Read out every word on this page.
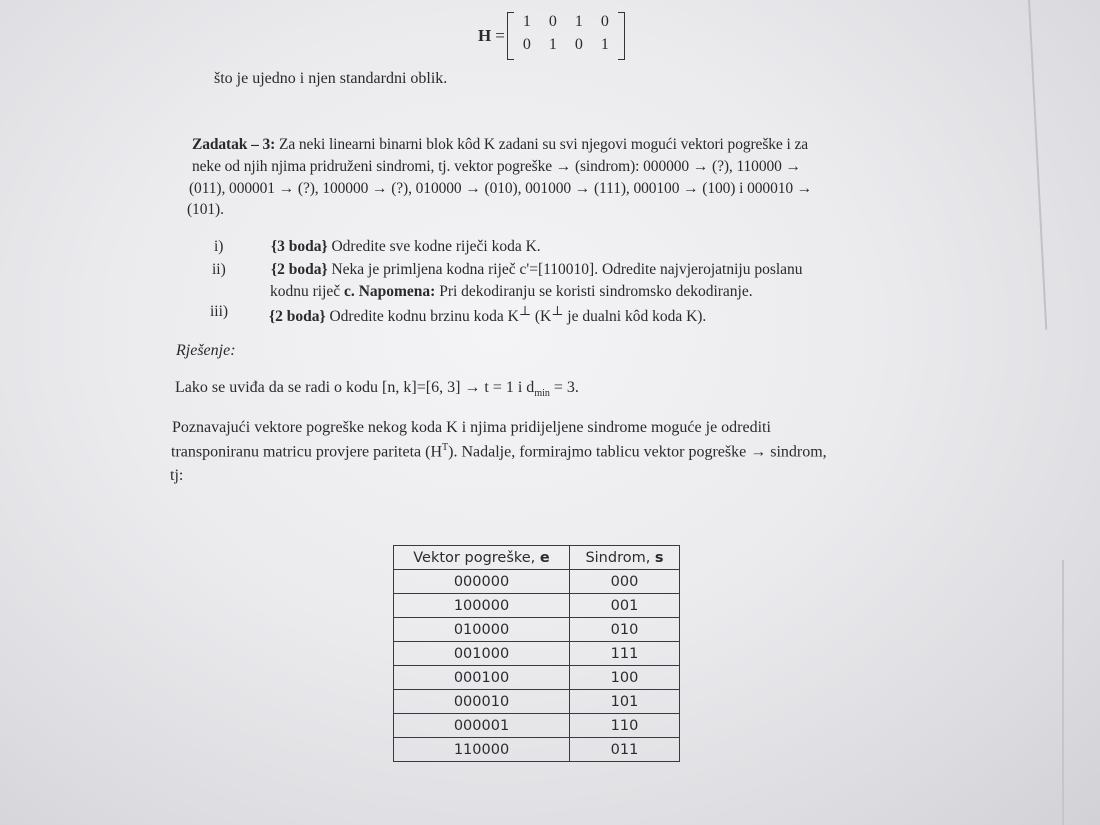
H =
1	0	1	0
0	1	0	1
što je ujedno i njen standardni oblik.
Zadatak – 3: Za neki linearni binarni blok kôd K zadani su svi njegovi mogući vektori pogreške i za
neke od njih njima pridruženi sindromi, tj. vektor pogreške → (sindrom): 000000 → (?), 110000 →
(011), 000001 → (?), 100000 → (?), 010000 → (010), 001000 → (111), 000100 → (100) i 000010 →
(101).
i)	{3 boda} Odredite sve kodne riječi koda K.
ii)	{2 boda} Neka je primljena kodna riječ c'=[110010]. Odredite najvjerojatniju poslanu
kodnu riječ c. Napomena: Pri dekodiranju se koristi sindromsko dekodiranje.
iii)	{2 boda} Odredite kodnu brzinu koda K⊥ (K⊥ je dualni kôd koda K).
Rješenje:
Lako se uviđa da se radi o kodu [n, k]=[6, 3] → t = 1 i $d_{min} = 3$.
Poznavajući vektore pogreške nekog koda K i njima pridijeljene sindrome moguće je odrediti
transponiranu matricu provjere pariteta $(H^T)$. Nadalje, formirajmo tablicu vektor pogreške → sindrom,
tj:
Vektor pogreške, e	Sindrom, s
000000	000
100000	001
010000	010
001000	111
000100	100
000010	101
000001	110
110000	011
